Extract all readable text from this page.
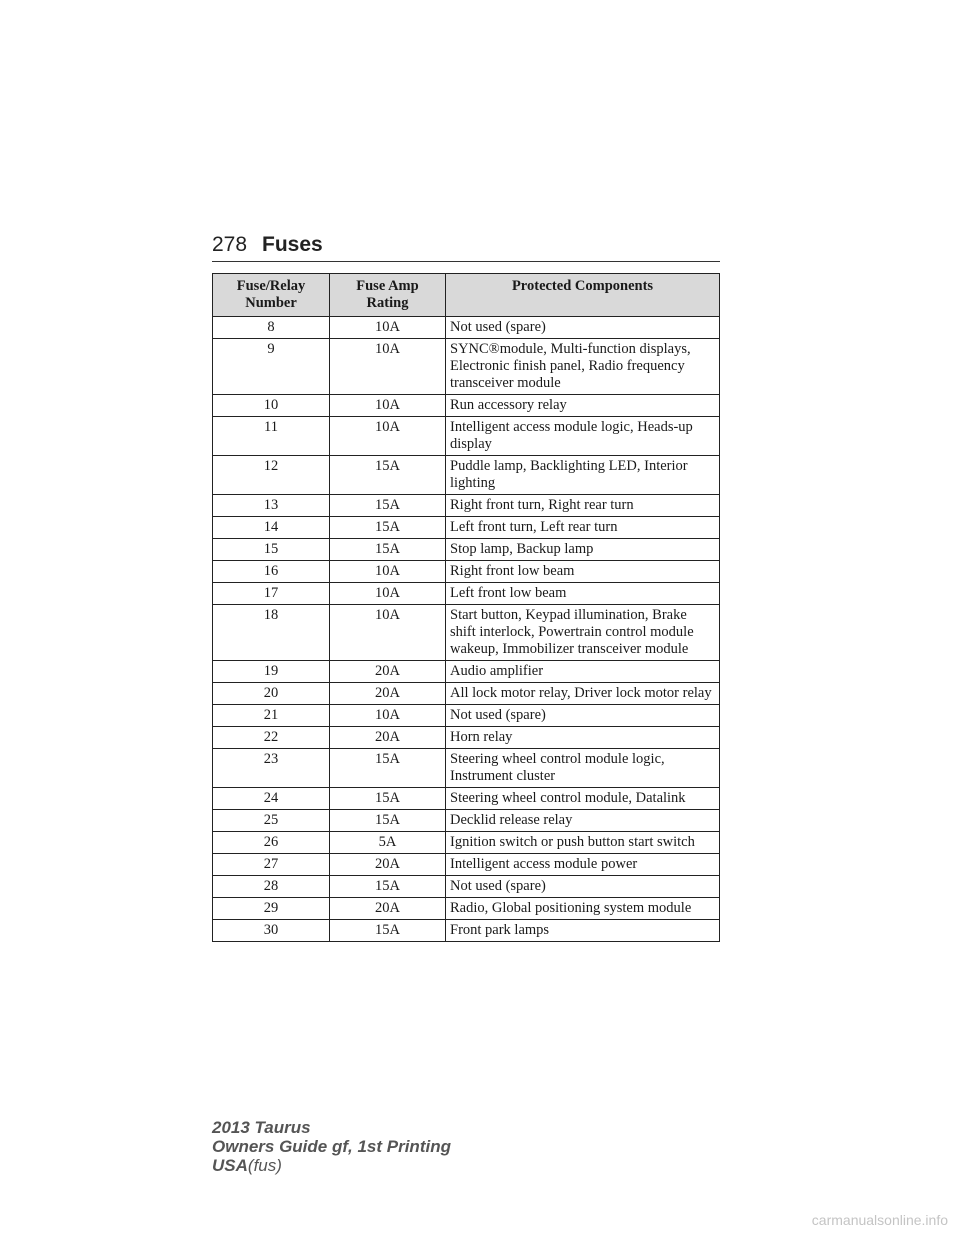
278 Fuses
Fuse/Relay Number	Fuse Amp Rating	Protected Components
8	10A	Not used (spare)
9	10A	SYNC®module, Multi-function displays, Electronic finish panel, Radio frequency transceiver module
10	10A	Run accessory relay
11	10A	Intelligent access module logic, Heads-up display
12	15A	Puddle lamp, Backlighting LED, Interior lighting
13	15A	Right front turn, Right rear turn
14	15A	Left front turn, Left rear turn
15	15A	Stop lamp, Backup lamp
16	10A	Right front low beam
17	10A	Left front low beam
18	10A	Start button, Keypad illumination, Brake shift interlock, Powertrain control module wakeup, Immobilizer transceiver module
19	20A	Audio amplifier
20	20A	All lock motor relay, Driver lock motor relay
21	10A	Not used (spare)
22	20A	Horn relay
23	15A	Steering wheel control module logic, Instrument cluster
24	15A	Steering wheel control module, Datalink
25	15A	Decklid release relay
26	5A	Ignition switch or push button start switch
27	20A	Intelligent access module power
28	15A	Not used (spare)
29	20A	Radio, Global positioning system module
30	15A	Front park lamps
2013 Taurus
Owners Guide gf, 1st Printing
USA(fus)
carmanualsonline.info
